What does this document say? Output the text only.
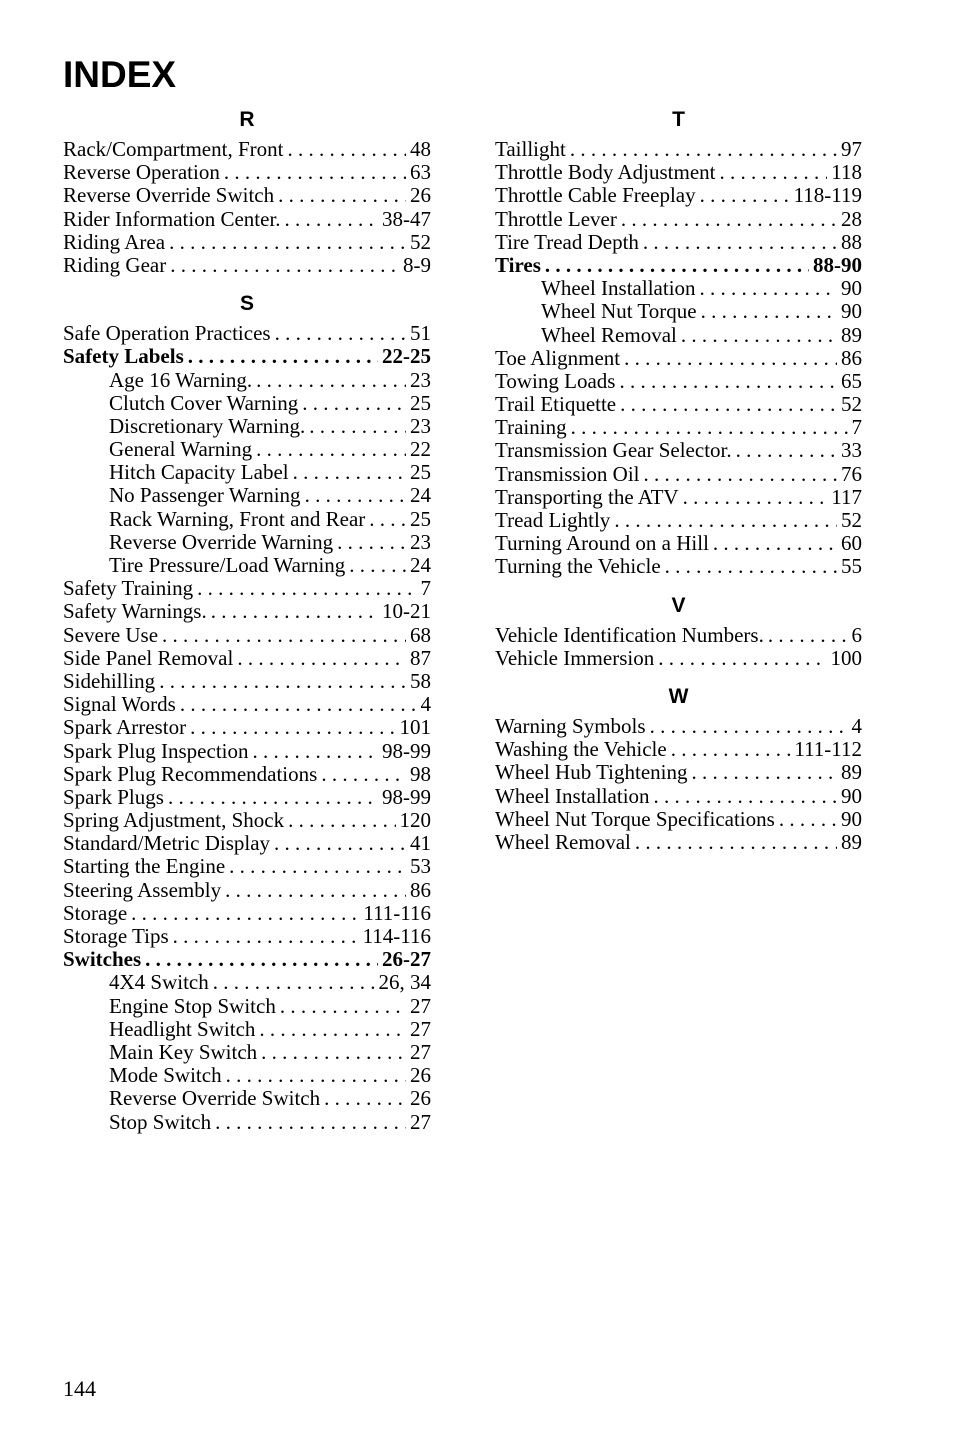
INDEX
R
Rack/Compartment, Front . . .	48
Reverse Operation . . .	63
Reverse Override Switch . . .	26
Rider Information Center. . . .	38-47
Riding Area . . .	52
Riding Gear . . .	8-9
S
Safe Operation Practices . . .	51
Safety Labels . . .	22-25
Age 16 Warning. . . .	23
Clutch Cover Warning . . .	25
Discretionary Warning. . . .	23
General Warning . . .	22
Hitch Capacity Label . . .	25
No Passenger Warning . . .	24
Rack Warning, Front and Rear . . . 25
Reverse Override Warning . . .	23
Tire Pressure/Load Warning . . .	24
Safety Training . . .	7
Safety Warnings. . . .	10-21
Severe Use . . .	68
Side Panel Removal . . .	87
Sidehilling . . .	58
Signal Words . . .	4
Spark Arrestor . . .	101
Spark Plug Inspection . . .	98-99
Spark Plug Recommendations . . .	98
Spark Plugs . . .	98-99
Spring Adjustment, Shock . . .	120
Standard/Metric Display . . .	41
Starting the Engine . . .	53
Steering Assembly . . .	86
Storage . . .	111-116
Storage Tips . . .	114-116
Switches . . .	26-27
4X4 Switch . . .	26, 34
Engine Stop Switch . . .	27
Headlight Switch . . .	27
Main Key Switch . . .	27
Mode Switch . . .	26
Reverse Override Switch . . .	26
Stop Switch . . .	27
T
Taillight . . .	97
Throttle Body Adjustment . . .	118
Throttle Cable Freeplay . . .	118-119
Throttle Lever . . .	28
Tire Tread Depth . . .	88
Tires . . .	88-90
Wheel Installation . . .	90
Wheel Nut Torque . . .	90
Wheel Removal . . .	89
Toe Alignment . . .	86
Towing Loads . . .	65
Trail Etiquette . . .	52
Training . . .	7
Transmission Gear Selector. . . .	33
Transmission Oil . . .	76
Transporting the ATV . . .	117
Tread Lightly . . .	52
Turning Around on a Hill . . .	60
Turning the Vehicle . . .	55
V
Vehicle Identification Numbers. . . .	6
Vehicle Immersion . . .	100
W
Warning Symbols . . .	4
Washing the Vehicle . . .	111-112
Wheel Hub Tightening . . .	89
Wheel Installation . . .	90
Wheel Nut Torque Specifications . . .	90
Wheel Removal . . .	89
144
